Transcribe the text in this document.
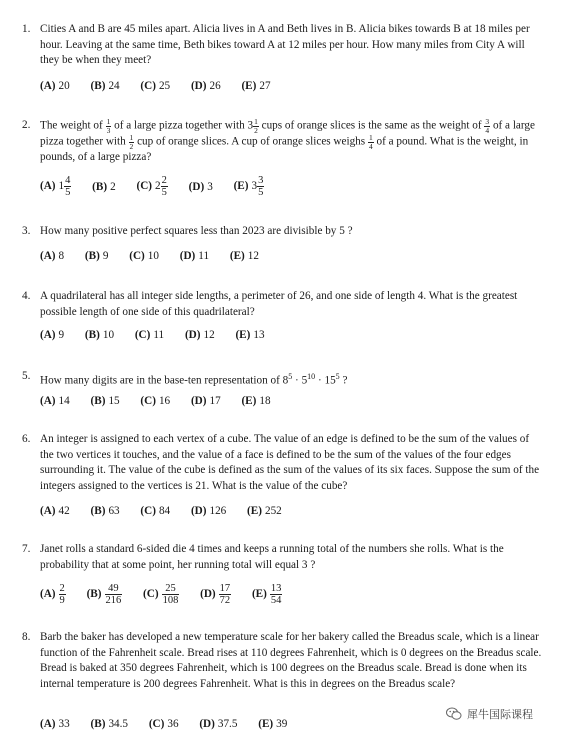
1. Cities A and B are 45 miles apart. Alicia lives in A and Beth lives in B. Alicia bikes towards B at 18 miles per hour. Leaving at the same time, Beth bikes toward A at 12 miles per hour. How many miles from City A will they be when they meet?
(A) 20 (B) 24 (C) 25 (D) 26 (E) 27
2. The weight of $\frac{1}{3}$ of a large pizza together with $3 \frac{1}{2}$ cups of orange slices is the same as the weight of $\frac{3}{4}$ of a large pizza together with $\frac{1}{2}$ cup of orange slices. A cup of orange slices weighs $\frac{1}{4}$ of a pound. What is the weight, in pounds, of a large pizza?
(A) $1 \frac{4}{5} (B)$ 2 (C) $2 \frac{2}{5} (D)$ 3 (E) $3 \frac{3}{5}$
3. How many positive perfect squares less than 2023 are divisible by 5 ?
(A) 8 (B) 9 (C) 10 (D) 11 (E) 12
4. A quadrilateral has all integer side lengths, a perimeter of 26, and one side of length 4. What is the greatest possible length of one side of this quadrilateral?
(A) 9 (B) 10 (C) 11 (D) 12 (E) 13
5. How many digits are in the base-ten representation of $8^5 \cdot 5^{10} \cdot 15^5$ ?
(A) 14 (B) 15 (C) 16 (D) 17 (E) 18
6. An integer is assigned to each vertex of a cube. The value of an edge is defined to be the sum of the values of the two vertices it touches, and the value of a face is defined to be the sum of the values of the four edges surrounding it. The value of the cube is defined as the sum of the values of its six faces. Suppose the sum of the integers assigned to the vertices is 21. What is the value of the cube?
(A) 42 (B) 63 (C) 84 (D) 126 (E) 252
7. Janet rolls a standard 6-sided die 4 times and keeps a running total of the numbers she rolls. What is the probability that at some point, her running total will equal 3 ?
$(A) \frac{2}{9} (B) \frac{49}{216} (C) \frac{25}{108} (D) \frac{17}{72} (E) \frac{13}{54}$
8. Barb the baker has developed a new temperature scale for her bakery called the Breadus scale, which is a linear function of the Fahrenheit scale. Bread rises at 110 degrees Fahrenheit, which is 0 degrees on the Breadus scale. Bread is baked at 350 degrees Fahrenheit, which is 100 degrees on the Breadus scale. Bread is done when its internal temperature is 200 degrees Fahrenheit. What is this in degrees on the Breadus scale?
(A) 33 (B) 34.5 (C) 36 (D) 37.5 (E) 39
犀牛国际课程
